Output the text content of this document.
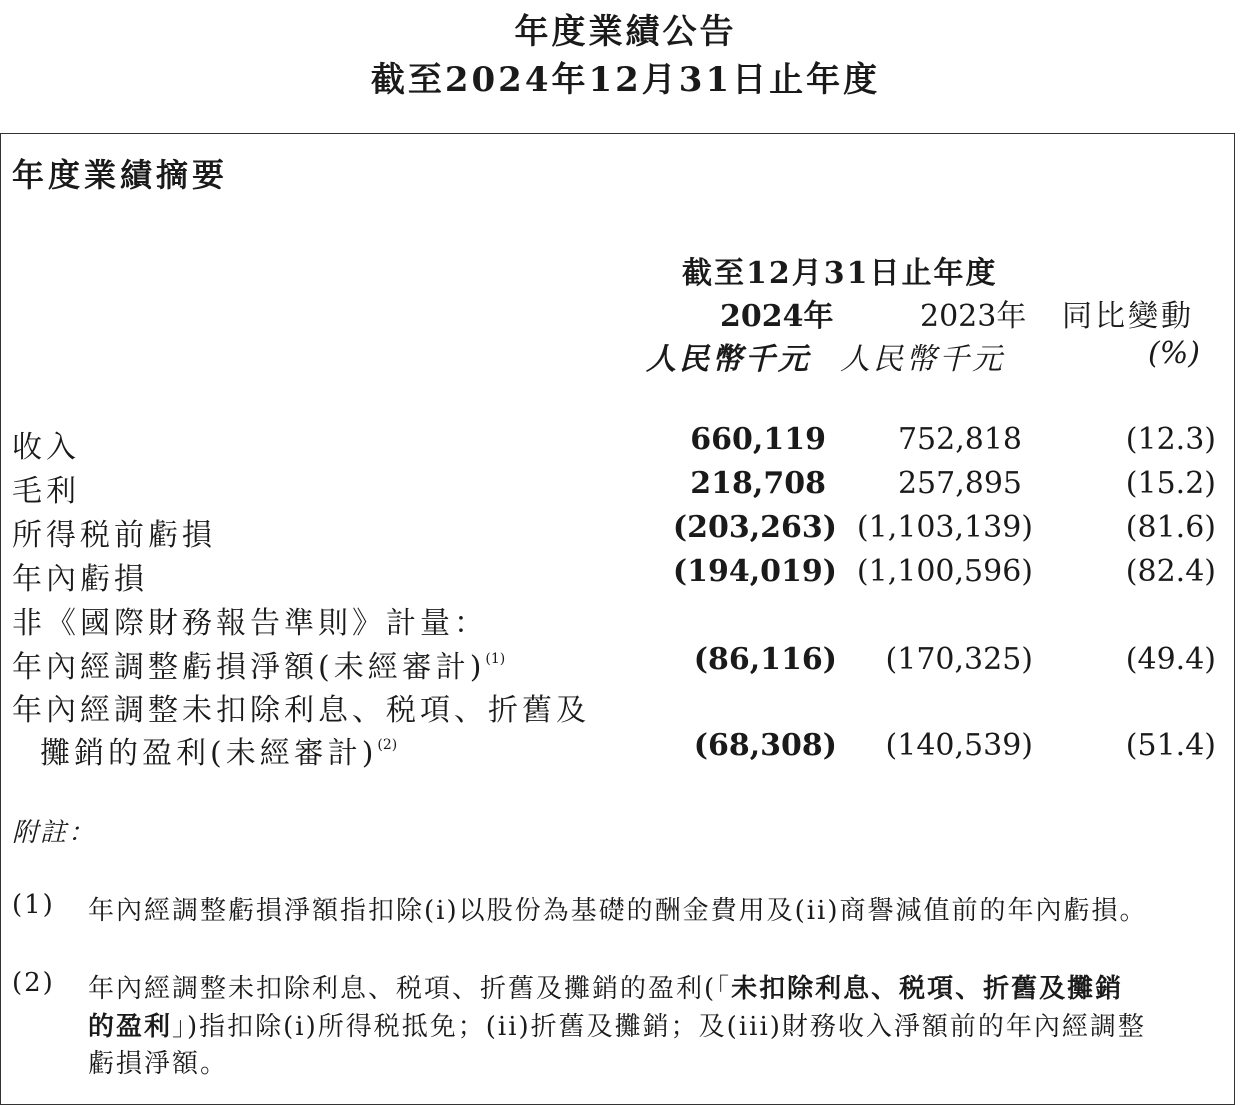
年度業績公告
截至2024年12月31日止年度
年度業績摘要
截至12月31日止年度
2024年	2023年 同比變動
人民幣千元 人民幣千元	(%)
收入	660,119 752,818	(12.3)
毛利	218,708 257,895	(15.2)
所得税前虧損	(203,263) (1,103,139)	(81.6)
年內虧損	(194,019) (1,100,596)	(82.4)
非《國際財務報告準則》計量：
年內經調整虧損淨額(未經審計)$^{(1)}$	(86,116) (170,325)	(49.4)
年內經調整未扣除利息、税項、折舊及
攤銷的盈利(未經審計)$^{(2)}$	(68,308) (140,539)	(51.4)
附註：
(1) 年內經調整虧損淨額指扣除(i)以股份為基礎的酬金費用及(ii)商譽減值前的年內虧損。
(2) 年內經調整未扣除利息、税項、折舊及攤銷的盈利(「未扣除利息、税項、折舊及攤銷
的盈利」)指扣除(i)所得税抵免；(ii)折舊及攤銷；及(iii)財務收入淨額前的年內經調整
虧損淨額。
